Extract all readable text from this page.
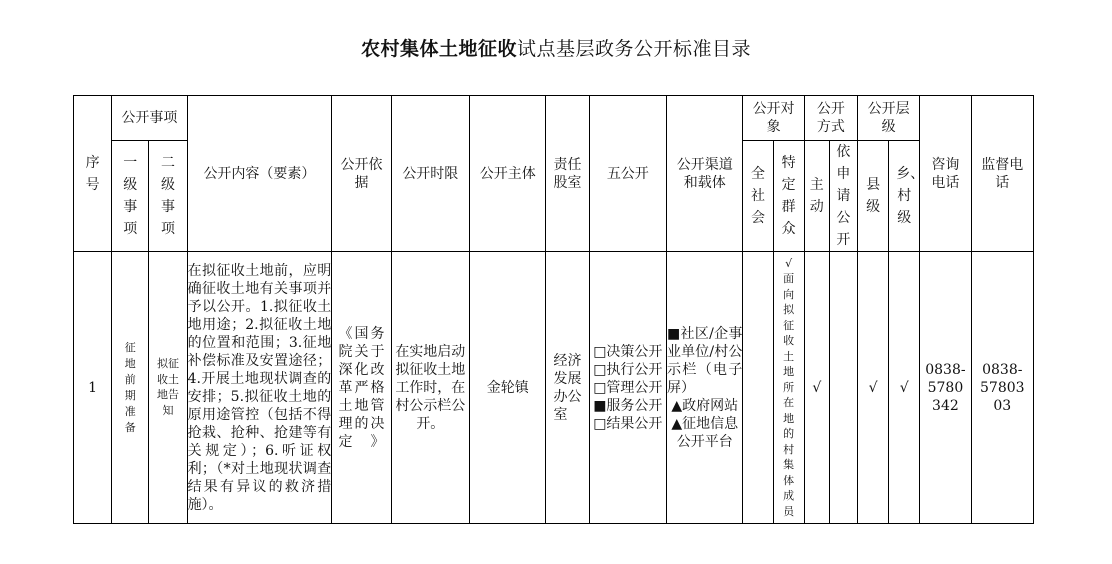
农村集体土地征收试点基层政务公开标准目录
序号	公开事项		公开内容（要素）	公开依据	公开时限	公开主体	责任股室	五公开	公开渠道和载体	公开对象		公开方式		公开层级		咨询电话	监督电话

	一级事项	二级事项								全社会	特定群众	主动	依申请公开	县级	乡、村级		
1	征地前期准备	拟征收土地告知	在拟征收土地前，应明确征收土地有关事项并予以公开。1.拟征收土地用途；2.拟征收土地的位置和范围；3.征地补偿标准及安置途径；4.开展土地现状调查的安排；5.拟征收土地的原用途管控（包括不得抢栽、抢种、抢建等有关规定）；6.听证权利；（*对土地现状调查结果有异议的救济措施）。	《国务院关于深化改革严格土地管理的决定》	在实地启动拟征收土地工作时，在村公示栏公开。	金轮镇	经济发展办公室	□决策公开
□执行公开
□管理公开
■服务公开
□结果公开	■社区/企事业单位/村公示栏（电子屏）
▲政府网站
▲征地信息公开平台		√面向拟征收土地所在地的村集体成员	√		√	√	0838-5780342	0838-5780303
